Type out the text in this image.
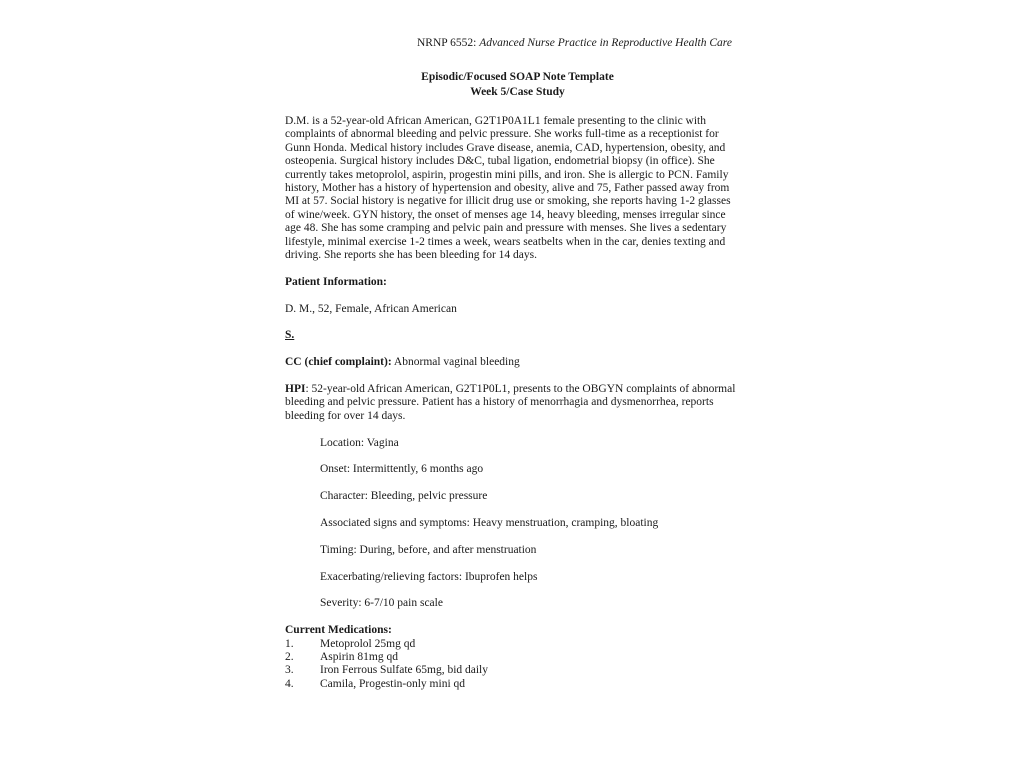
NRNP 6552: Advanced Nurse Practice in Reproductive Health Care
Episodic/Focused SOAP Note Template
Week 5/Case Study

D.M. is a 52-year-old African American, G2T1P0A1L1 female presenting to the clinic with complaints of abnormal bleeding and pelvic pressure. She works full-time as a receptionist for Gunn Honda. Medical history includes Grave disease, anemia, CAD, hypertension, obesity, and osteopenia. Surgical history includes D&C, tubal ligation, endometrial biopsy (in office). She currently takes metoprolol, aspirin, progestin mini pills, and iron. She is allergic to PCN. Family history, Mother has a history of hypertension and obesity, alive and 75, Father passed away from MI at 57. Social history is negative for illicit drug use or smoking, she reports having 1-2 glasses of wine/week. GYN history, the onset of menses age 14, heavy bleeding, menses irregular since age 48. She has some cramping and pelvic pain and pressure with menses. She lives a sedentary lifestyle, minimal exercise 1-2 times a week, wears seatbelts when in the car, denies texting and driving. She reports she has been bleeding for 14 days.

Patient Information:

D. M., 52, Female, African American

S.

CC (chief complaint): Abnormal vaginal bleeding

HPI: 52-year-old African American, G2T1P0L1, presents to the OBGYN complaints of abnormal bleeding and pelvic pressure. Patient has a history of menorrhagia and dysmenorrhea, reports bleeding for over 14 days.

Location: Vagina

Onset: Intermittently, 6 months ago

Character: Bleeding, pelvic pressure

Associated signs and symptoms: Heavy menstruation, cramping, bloating

Timing: During, before, and after menstruation

Exacerbating/relieving factors: Ibuprofen helps

Severity: 6-7/10 pain scale

Current Medications:
1.	Metoprolol 25mg qd
2.	Aspirin 81mg qd
3.	Iron Ferrous Sulfate 65mg, bid daily
4.	Camila, Progestin-only mini qd
